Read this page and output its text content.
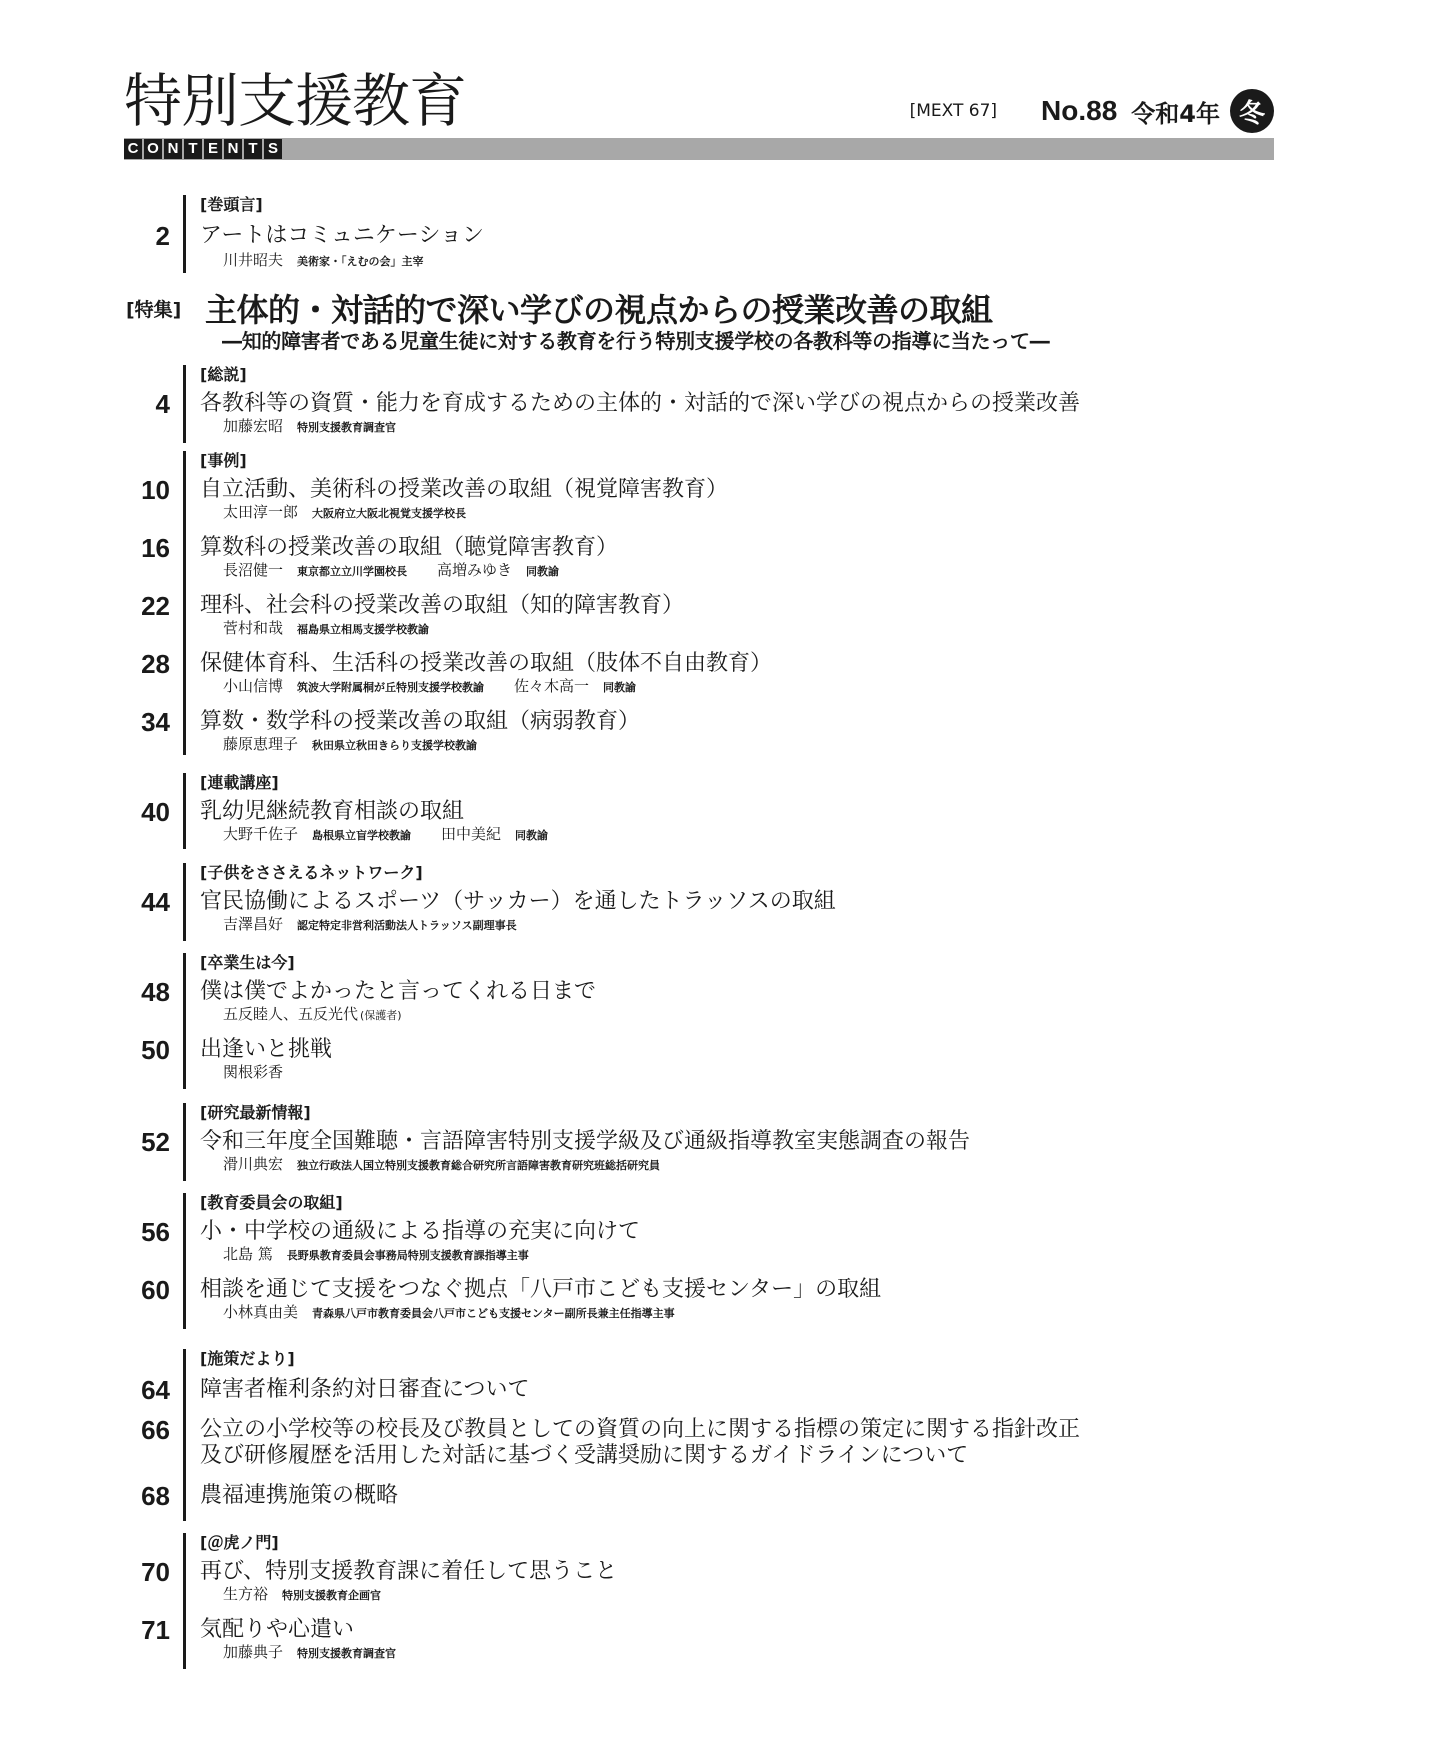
特別支援教育	[MEXT 67] No.88 令和4年 冬
C O N T E N T S
[巻頭言]
2 アートはコミュニケーション
川井昭夫 美術家・「えむの会」主宰
[特集] 主体的・対話的で深い学びの視点からの授業改善の取組
―知的障害者である児童生徒に対する教育を行う特別支援学校の各教科等の指導に当たって―
[総説]
4 各教科等の資質・能力を育成するための主体的・対話的で深い学びの視点からの授業改善
加藤宏昭 特別支援教育調査官
[事例]
10 自立活動、美術科の授業改善の取組（視覚障害教育）
太田淳一郎 大阪府立大阪北視覚支援学校長
16 算数科の授業改善の取組（聴覚障害教育）
長沼健一 東京都立立川学園校長 高増みゆき 同教諭
22 理科、社会科の授業改善の取組（知的障害教育）
菅村和哉 福島県立相馬支援学校教諭
28 保健体育科、生活科の授業改善の取組（肢体不自由教育）
小山信博 筑波大学附属桐が丘特別支援学校教諭 佐々木高一 同教諭
34 算数・数学科の授業改善の取組（病弱教育）
藤原恵理子 秋田県立秋田きらり支援学校教諭
[連載講座]
40 乳幼児継続教育相談の取組
大野千佐子 島根県立盲学校教諭 田中美紀 同教諭
[子供をささえるネットワーク]
44 官民協働によるスポーツ（サッカー）を通したトラッソスの取組
吉澤昌好 認定特定非営利活動法人トラッソス副理事長
[卒業生は今]
48 僕は僕でよかったと言ってくれる日まで
五反睦人、五反光代 (保護者)
50 出逢いと挑戦
関根彩香
[研究最新情報]
52 令和三年度全国難聴・言語障害特別支援学級及び通級指導教室実態調査の報告
滑川典宏 独立行政法人国立特別支援教育総合研究所言語障害教育研究班総括研究員
[教育委員会の取組]
56 小・中学校の通級による指導の充実に向けて
北島 篤 長野県教育委員会事務局特別支援教育課指導主事
60 相談を通じて支援をつなぐ拠点「八戸市こども支援センター」の取組
小林真由美 青森県八戸市教育委員会八戸市こども支援センター副所長兼主任指導主事
[施策だより]
64 障害者権利条約対日審査について
66 公立の小学校等の校長及び教員としての資質の向上に関する指標の策定に関する指針改正
及び研修履歴を活用した対話に基づく受講奨励に関するガイドラインについて
68 農福連携施策の概略
[＠虎ノ門]
70 再び、特別支援教育課に着任して思うこと
生方裕 特別支援教育企画官
71 気配りや心遣い
加藤典子 特別支援教育調査官
